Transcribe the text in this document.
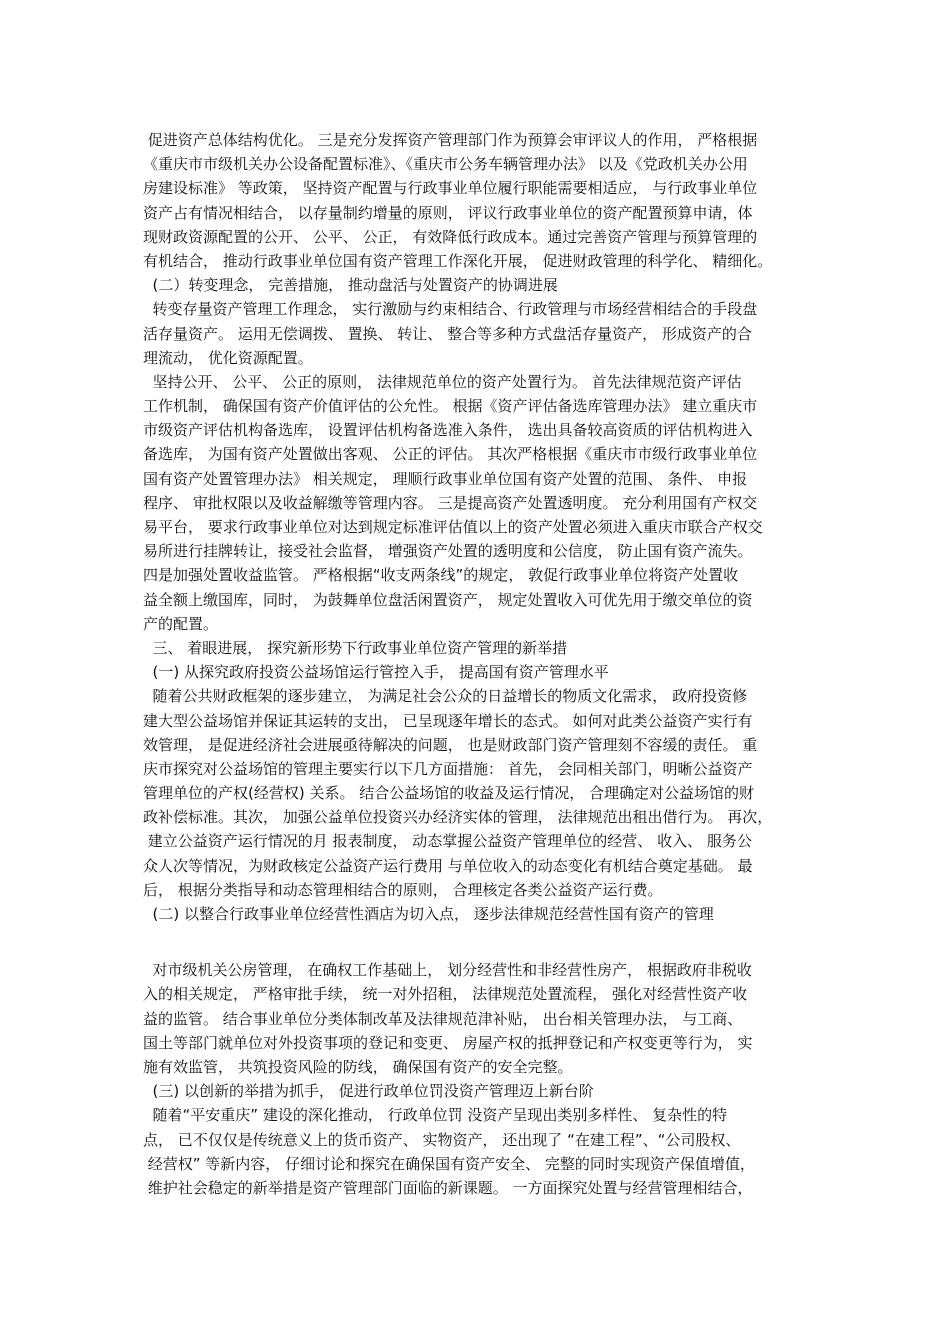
促进资产总体结构优化。 三是充分发挥资产管理部门作为预算会审评议人的作用， 严格根据
《重庆市市级机关办公设备配置标准》、《重庆市公务车辆管理办法》 以及《党政机关办公用
房建设标准》 等政策， 坚持资产配置与行政事业单位履行职能需要相适应， 与行政事业单位
资产占有情况相结合， 以存量制约增量的原则， 评议行政事业单位的资产配置预算申请，体
现财政资源配置的公开、 公平、 公正， 有效降低行政成本。通过完善资产管理与预算管理的
有机结合， 推动行政事业单位国有资产管理工作深化开展， 促进财政管理的科学化、 精细化。
(二）转变理念， 完善措施， 推动盘活与处置资产的协调进展
转变存量资产管理工作理念， 实行激励与约束相结合、行政管理与市场经营相结合的手段盘
活存量资产。 运用无偿调拨、 置换、 转让、 整合等多种方式盘活存量资产， 形成资产的合
理流动， 优化资源配置。
坚持公开、 公平、 公正的原则， 法律规范单位的资产处置行为。 首先法律规范资产评估
工作机制， 确保国有资产价值评估的公允性。 根据《资产评估备选库管理办法》 建立重庆市
市级资产评估机构备选库， 设置评估机构备选准入条件， 选出具备较高资质的评估机构进入
备选库， 为国有资产处置做出客观、 公正的评估。 其次严格根据《重庆市市级行政事业单位
国有资产处置管理办法》 相关规定， 理顺行政事业单位国有资产处置的范围、 条件、 申报
程序、 审批权限以及收益解缴等管理内容。 三是提高资产处置透明度。 充分利用国有产权交
易平台， 要求行政事业单位对达到规定标准评估值以上的资产处置必须进入重庆市联合产权交
易所进行挂牌转让，接受社会监督， 增强资产处置的透明度和公信度， 防止国有资产流失。
四是加强处置收益监管。 严格根据“收支两条线”的规定， 敦促行政事业单位将资产处置收
益全额上缴国库，同时， 为鼓舞单位盘活闲置资产， 规定处置收入可优先用于缴交单位的资
产的配置。
三、 着眼进展， 探究新形势下行政事业单位资产管理的新举措
(一) 从探究政府投资公益场馆运行管控入手， 提高国有资产管理水平
随着公共财政框架的逐步建立， 为满足社会公众的日益增长的物质文化需求， 政府投资修
建大型公益场馆并保证其运转的支出， 已呈现逐年增长的态式。 如何对此类公益资产实行有
效管理， 是促进经济社会进展亟待解决的问题， 也是财政部门资产管理刻不容缓的责任。 重
庆市探究对公益场馆的管理主要实行以下几方面措施： 首先， 会同相关部门，明晰公益资产
管理单位的产权(经营权) 关系。 结合公益场馆的收益及运行情况， 合理确定对公益场馆的财
政补偿标准。其次， 加强公益单位投资兴办经济实体的管理， 法律规范出租出借行为。 再次，
建立公益资产运行情况的月 报表制度， 动态掌握公益资产管理单位的经营、 收入、 服务公
众人次等情况，为财政核定公益资产运行费用 与单位收入的动态变化有机结合奠定基础。 最
后， 根据分类指导和动态管理相结合的原则， 合理核定各类公益资产运行费。
(二) 以整合行政事业单位经营性酒店为切入点， 逐步法律规范经营性国有资产的管理
对市级机关公房管理， 在确权工作基础上， 划分经营性和非经营性房产， 根据政府非税收
入的相关规定， 严格审批手续， 统一对外招租， 法律规范处置流程， 强化对经营性资产收
益的监管。 结合事业单位分类体制改革及法律规范津补贴， 出台相关管理办法， 与工商、
国土等部门就单位对外投资事项的登记和变更、 房屋产权的抵押登记和产权变更等行为， 实
施有效监管， 共筑投资风险的防线， 确保国有资产的安全完整。
(三) 以创新的举措为抓手， 促进行政单位罚没资产管理迈上新台阶
随着“平安重庆” 建设的深化推动， 行政单位罚 没资产呈现出类别多样性、 复杂性的特
点， 已不仅仅是传统意义上的货币资产、 实物资产， 还出现了 “在建工程”、“公司股权、
经营权” 等新内容， 仔细讨论和探究在确保国有资产安全、 完整的同时实现资产保值增值，
维护社会稳定的新举措是资产管理部门面临的新课题。 一方面探究处置与经营管理相结合，
